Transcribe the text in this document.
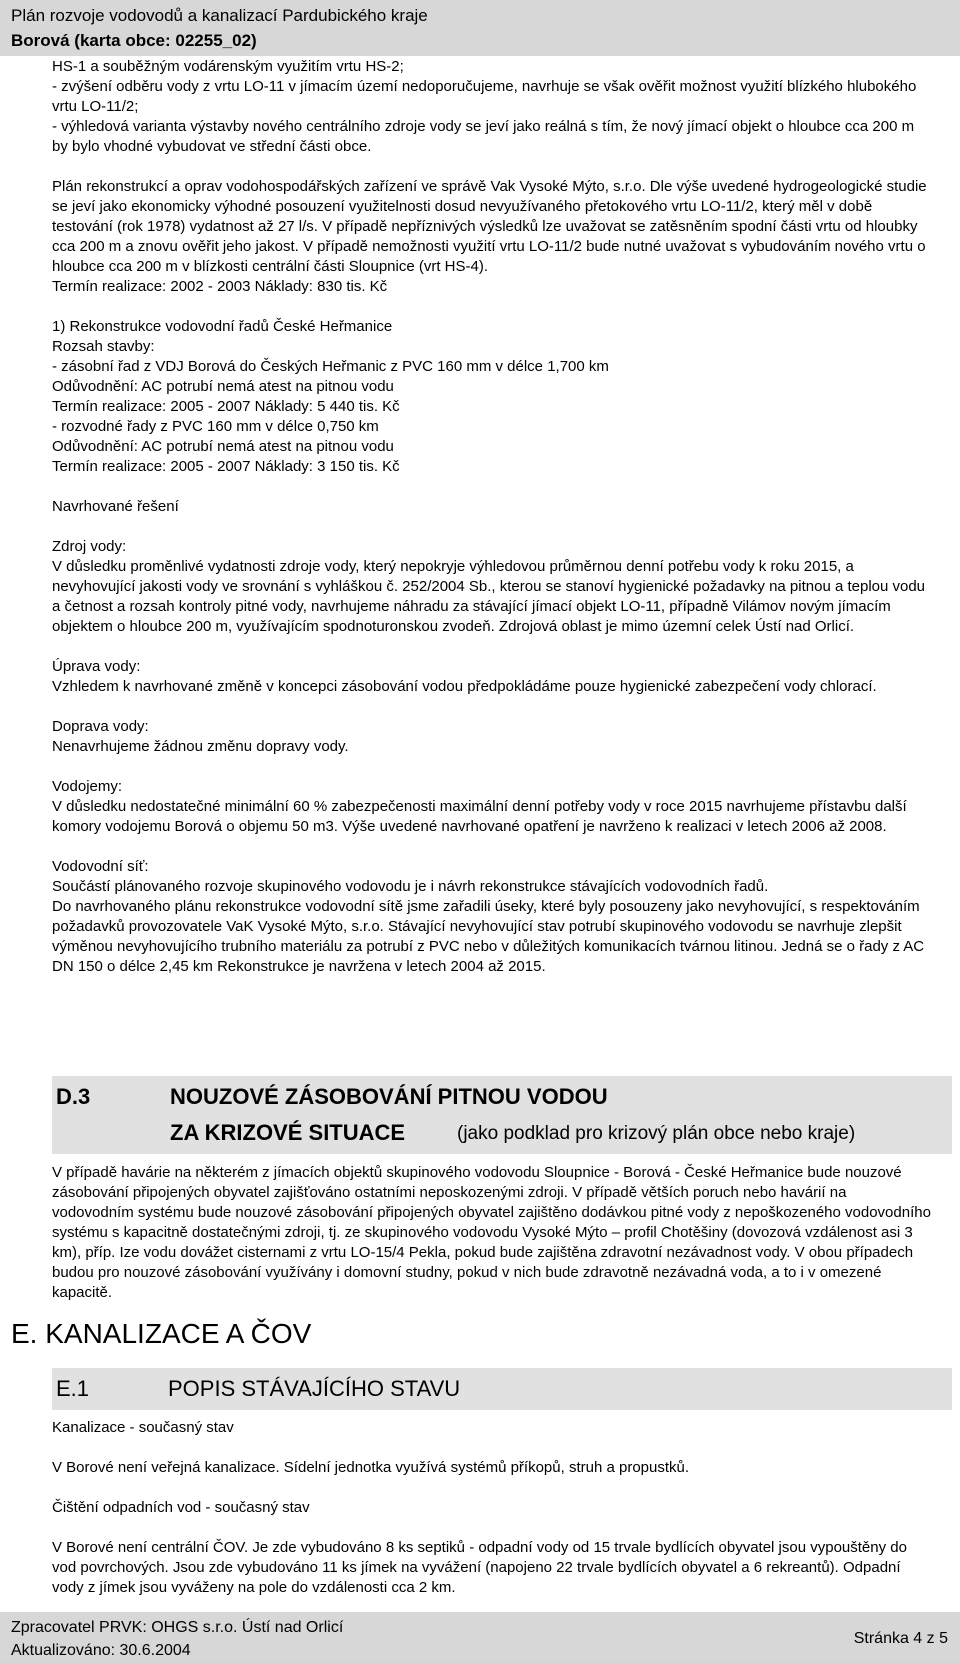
Plán rozvoje vodovodů a kanalizací Pardubického kraje
Borová (karta obce: 02255_02)

HS-1 a souběžným vodárenským využitím vrtu HS-2;

- zvýšení odběru vody z vrtu LO-11 v jímacím území nedoporučujeme, navrhuje se však ověřit možnost využití blízkého hlubokého vrtu LO-11/2;

- výhledová varianta výstavby nového centrálního zdroje vody se jeví jako reálná s tím, že nový jímací objekt o hloubce cca 200 m by bylo vhodné vybudovat ve střední části obce.

Plán rekonstrukcí a oprav vodohospodářských zařízení ve správě Vak Vysoké Mýto, s.r.o. Dle výše uvedené hydrogeologické studie se jeví jako ekonomicky výhodné posouzení využitelnosti dosud nevyužívaného přetokového vrtu LO-11/2, který měl v době testování (rok 1978) vydatnost až 27 l/s. V případě nepříznivých výsledků lze uvažovat se zatěsněním spodní části vrtu od hloubky cca 200 m a znovu ověřit jeho jakost. V případě nemožnosti využití vrtu LO-11/2 bude nutné uvažovat s vybudováním nového vrtu o hloubce cca 200 m v blízkosti centrální části Sloupnice (vrt HS-4).

Termín realizace: 2002 - 2003 Náklady: 830 tis. Kč

1) Rekonstrukce vodovodní řadů České Heřmanice

Rozsah stavby:

- zásobní řad z VDJ Borová do Českých Heřmanic z PVC 160 mm v délce 1,700 km

Odůvodnění: AC potrubí nemá atest na pitnou vodu

Termín realizace: 2005 - 2007 Náklady: 5 440 tis. Kč

- rozvodné řady z PVC 160 mm v délce 0,750 km

Odůvodnění: AC potrubí nemá atest na pitnou vodu

Termín realizace: 2005 - 2007 Náklady: 3 150 tis. Kč

Navrhované řešení

Zdroj vody:

V důsledku proměnlivé vydatnosti zdroje vody, který nepokryje výhledovou průměrnou denní potřebu vody k roku 2015, a nevyhovující jakosti vody ve srovnání s vyhláškou č. 252/2004 Sb., kterou se stanoví hygienické požadavky na pitnou a teplou vodu a četnost a rozsah kontroly pitné vody, navrhujeme náhradu za stávající jímací objekt LO-11, případně Vilámov novým jímacím objektem o hloubce 200 m, využívajícím spodnoturonskou zvodeň. Zdrojová oblast je mimo územní celek Ústí nad Orlicí.

Úprava vody:

Vzhledem k navrhované změně v koncepci zásobování vodou předpokládáme pouze hygienické zabezpečení vody chlorací.

Doprava vody:

Nenavrhujeme žádnou změnu dopravy vody.

Vodojemy:

V důsledku nedostatečné minimální 60 % zabezpečenosti maximální denní potřeby vody v roce 2015 navrhujeme přístavbu další komory vodojemu Borová o objemu 50 m3. Výše uvedené navrhované opatření je navrženo k realizaci v letech 2006 až 2008.

Vodovodní síť:

Součástí plánovaného rozvoje skupinového vodovodu je i návrh rekonstrukce stávajících vodovodních řadů.

Do navrhovaného plánu rekonstrukce vodovodní sítě jsme zařadili úseky, které byly posouzeny jako nevyhovující, s respektováním požadavků provozovatele VaK Vysoké Mýto, s.r.o. Stávající nevyhovující stav potrubí skupinového vodovodu se navrhuje zlepšit výměnou nevyhovujícího trubního materiálu za potrubí z PVC nebo v důležitých komunikacích tvárnou litinou. Jedná se o řady z AC DN 150 o délce 2,45 km Rekonstrukce je navržena v letech 2004 až 2015.

D.3	NOUZOVÉ ZÁSOBOVÁNÍ PITNOU VODOU
ZA KRIZOVÉ SITUACE	(jako podklad pro krizový plán obce nebo kraje)

V případě havárie na některém z jímacích objektů skupinového vodovodu Sloupnice - Borová - České Heřmanice bude nouzové zásobování připojených obyvatel zajišťováno ostatními neposkozenými zdroji. V případě větších poruch nebo havárií na vodovodním systému bude nouzové zásobování připojených obyvatel zajištěno dodávkou pitné vody z nepoškozeného vodovodního systému s kapacitně dostatečnými zdroji, tj. ze skupinového vodovodu Vysoké Mýto – profil Chotěšiny (dovozová vzdálenost asi 3 km), příp. Ize vodu dovážet cisternami z vrtu LO-15/4 Pekla, pokud bude zajištěna zdravotní nezávadnost vody. V obou případech budou pro nouzové zásobování využívány i domovní studny, pokud v nich bude zdravotně nezávadná voda, a to i v omezené kapacitě.

E. KANALIZACE A ČOV
E.1	POPIS STÁVAJÍCÍHO STAVU

Kanalizace - současný stav

V Borové není veřejná kanalizace. Sídelní jednotka využívá systémů příkopů, struh a propustků.

Čištění odpadních vod - současný stav

V Borové není centrální ČOV. Je zde vybudováno 8 ks septiků - odpadní vody od 15 trvale bydlících obyvatel jsou vypouštěny do vod povrchových. Jsou zde vybudováno 11 ks jímek na vyvážení (napojeno 22 trvale bydlících obyvatel a 6 rekreantů). Odpadní vody z jímek jsou vyváženy na pole do vzdálenosti cca 2 km.

Zpracovatel PRVK: OHGS s.r.o. Ústí nad Orlicí
Aktualizováno: 30.6.2004
Stránka 4 z 5
